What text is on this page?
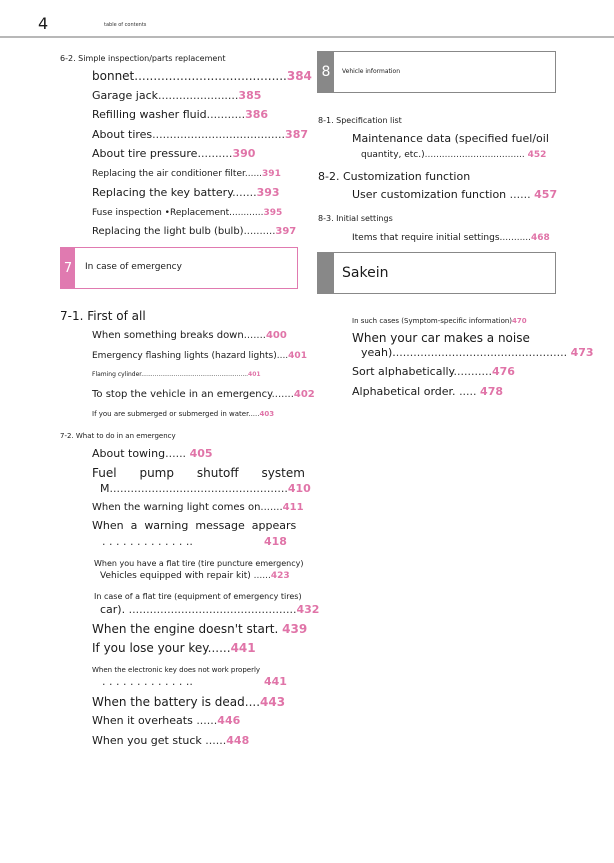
4	table of contents
6-2. Simple inspection/parts replacement
bonnet........................................384
Garage jack.......................385
Refilling washer fluid...........386
About tires......................................387
About tire pressure..........390
Replacing the air conditioner filter......391
Replacing the key battery.......393
Fuse inspection •Replacement............395
Replacing the light bulb (bulb)..........397
7	In case of emergency
7-1. First of all
When something breaks down.......400
Emergency flashing lights (hazard lights)....401
Flaming cylinder........................................................401
To stop the vehicle in an emergency.......402
If you are submerged or submerged in water.....403
7-2. What to do in an emergency
About towing...... 405
Fuel      pump      shutoff      system
M...................................................410
When the warning light comes on.......411
When  a  warning  message  appears
. . . . . . . . . . . . ..	418
When you have a flat tire (tire puncture emergency)
Vehicles equipped with repair kit) ......423
In case of a flat tire (equipment of emergency tires)
car). ................................................432
When the engine doesn't start. 439
If you lose your key......441
When the electronic key does not work properly
. . . . . . . . . . . . ..	441
When the battery is dead....443
When it overheats ......446
When you get stuck ......448
8	Vehicle information
8-1. Specification list
Maintenance data (specified fuel/oil
quantity, etc.)................................... 452
8-2. Customization function
User customization function ...... 457
8-3. Initial settings
Items that require initial settings...........468
Sakein
In such cases (Symptom-specific information)470
When your car makes a noise
yeah).................................................. 473
Sort alphabetically...........476
Alphabetical order. ..... 478
